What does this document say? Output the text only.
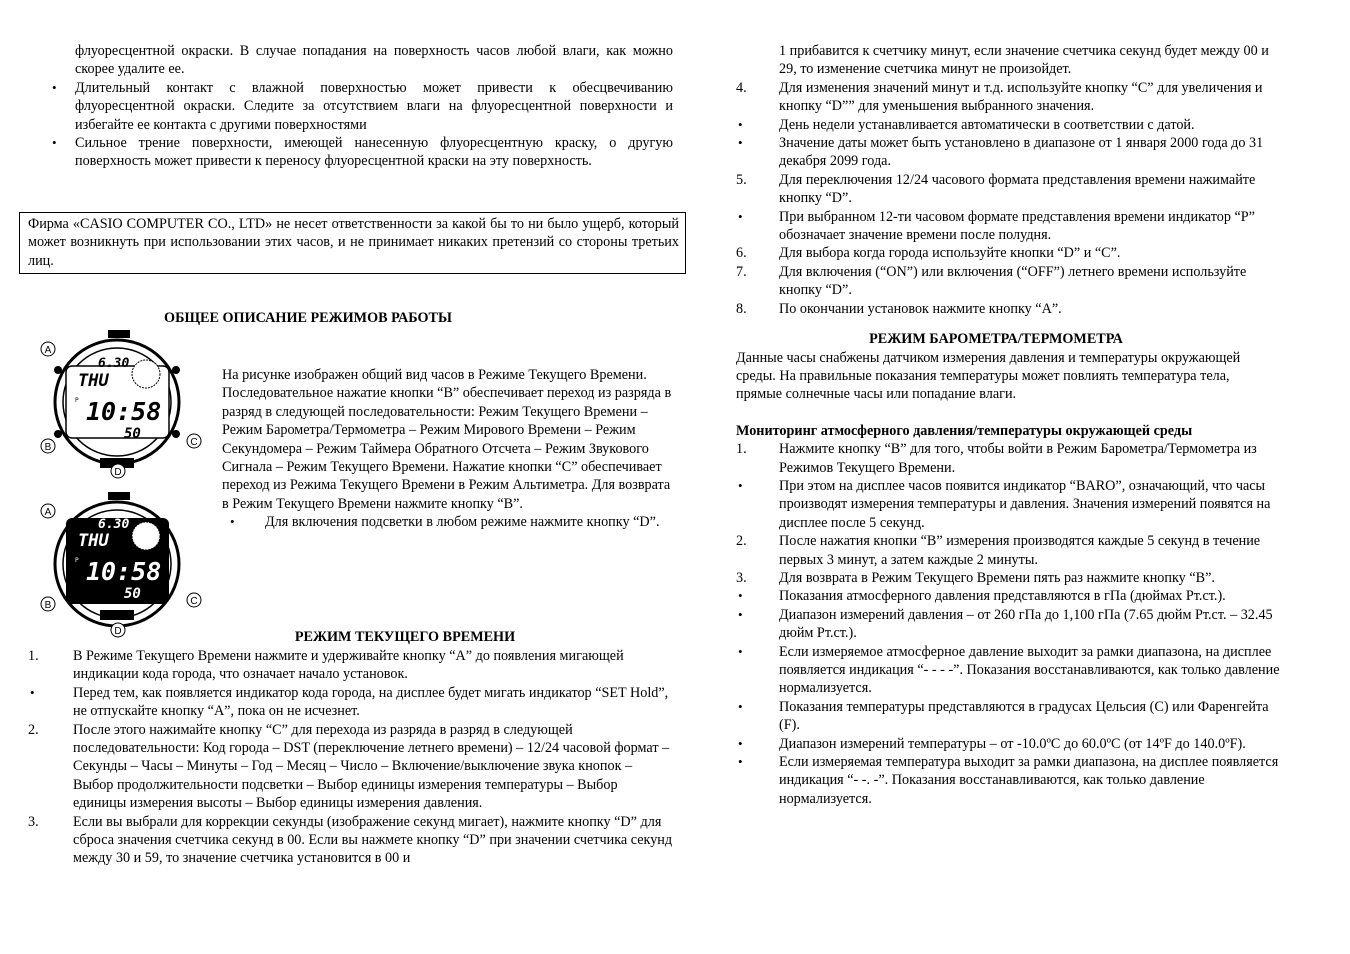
флуоресцентной окраски. В случае попадания на поверхность часов любой влаги, как можно скорее удалите ее.
•	Длительный контакт с влажной поверхностью может привести к обесцвечиванию флуоресцентной окраски. Следите за отсутствием влаги на флуоресцентной поверхности и избегайте ее контакта с другими поверхностями
•	Сильное трение поверхности, имеющей нанесенную флуоресцентную краску, о другую поверхность может привести к переносу флуоресцентной краски на эту поверхность.
Фирма «CASIO COMPUTER CO., LTD» не несет ответственности за какой бы то ни было ущерб, который может возникнуть при использовании этих часов, и не принимает никаких претензий со стороны третьих лиц.
ОБЩЕЕ ОПИСАНИЕ РЕЖИМОВ РАБОТЫ
A
B	C
D
6.30
THU
P 10:58
50
A
B	C
D
6.30
THU
P 10:58
50
На рисунке изображен общий вид часов в Режиме Текущего Времени. Последовательное нажатие кнопки “B” обеспечивает переход из разряда в разряд в следующей последовательности: Режим Текущего Времени – Режим Барометра/Термометра – Режим Мирового Времени – Режим Секундомера – Режим Таймера Обратного Отсчета – Режим Звукового Сигнала – Режим Текущего Времени. Нажатие кнопки “C” обеспечивает переход из Режима Текущего Времени в Режим Альтиметра. Для возврата в Режим Текущего Времени нажмите кнопку “B”.
• Для включения подсветки в любом режиме нажмите кнопку “D”.
РЕЖИМ ТЕКУЩЕГО ВРЕМЕНИ
1.	В Режиме Текущего Времени нажмите и удерживайте кнопку “A” до появления мигающей индикации кода города, что означает начало установок.
•	Перед тем, как появляется индикатор кода города, на дисплее будет мигать индикатор “SET Hold”, не отпускайте кнопку “A”, пока он не исчезнет.
2.	После этого нажимайте кнопку “C” для перехода из разряда в разряд в следующей последовательности: Код города – DST (переключение летнего времени) – 12/24 часовой формат – Секунды – Часы – Минуты – Год – Месяц – Число – Включение/выключение звука кнопок – Выбор продолжительности подсветки – Выбор единицы измерения температуры – Выбор единицы измерения высоты – Выбор единицы измерения давления.
3.	Если вы выбрали для коррекции секунды (изображение секунд мигает), нажмите кнопку “D” для сброса значения счетчика секунд в 00. Если вы нажмете кнопку “D” при значении счетчика секунд между 30 и 59, то значение счетчика установится в 00 и
1 прибавится к счетчику минут, если значение счетчика секунд будет между 00 и 29, то изменение счетчика минут не произойдет.
4.	Для изменения значений минут и т.д. используйте кнопку “C” для увеличения и кнопку “D”” для уменьшения выбранного значения.
•	День недели устанавливается автоматически в соответствии с датой.
•	Значение даты может быть установлено в диапазоне от 1 января 2000 года до 31 декабря 2099 года.
5.	Для переключения 12/24 часового формата представления времени нажимайте кнопку “D”.
•	При выбранном 12-ти часовом формате представления времени индикатор “P” обозначает значение времени после полудня.
6.	Для выбора когда города используйте кнопки “D” и “C”.
7.	Для включения (“ON”) или включения (“OFF”) летнего времени используйте кнопку “D”.
8.	По окончании установок нажмите кнопку “A”.
РЕЖИМ БАРОМЕТРА/ТЕРМОМЕТРА
Данные часы снабжены датчиком измерения давления и температуры окружающей среды. На правильные показания температуры может повлиять температура тела, прямые солнечные часы или попадание влаги.
Мониторинг атмосферного давления/температуры окружающей среды
1.	Нажмите кнопку “B” для того, чтобы войти в Режим Барометра/Термометра из Режимов Текущего Времени.
•	При этом на дисплее часов появится индикатор “BARO”, означающий, что часы производят измерения температуры и давления. Значения измерений появятся на дисплее после 5 секунд.
2.	После нажатия кнопки “B” измерения производятся каждые 5 секунд в течение первых 3 минут, а затем каждые 2 минуты.
3.	Для возврата в Режим Текущего Времени пять раз нажмите кнопку “B”.
•	Показания атмосферного давления представляются в гПа (дюймах Рт.ст.).
•	Диапазон измерений давления – от 260 гПа до 1,100 гПа (7.65 дюйм Рт.ст. – 32.45 дюйм Рт.ст.).
•	Если измеряемое атмосферное давление выходит за рамки диапазона, на дисплее появляется индикация “- - - -”. Показания восстанавливаются, как только давление нормализуется.
•	Показания температуры представляются в градусах Цельсия (С) или Фаренгейта (F).
•	Диапазон измерений температуры – от -10.0ºС до 60.0ºС (от 14ºF до 140.0ºF).
•	Если измеряемая температура выходит за рамки диапазона, на дисплее появляется индикация “- -. -”. Показания восстанавливаются, как только давление нормализуется.
